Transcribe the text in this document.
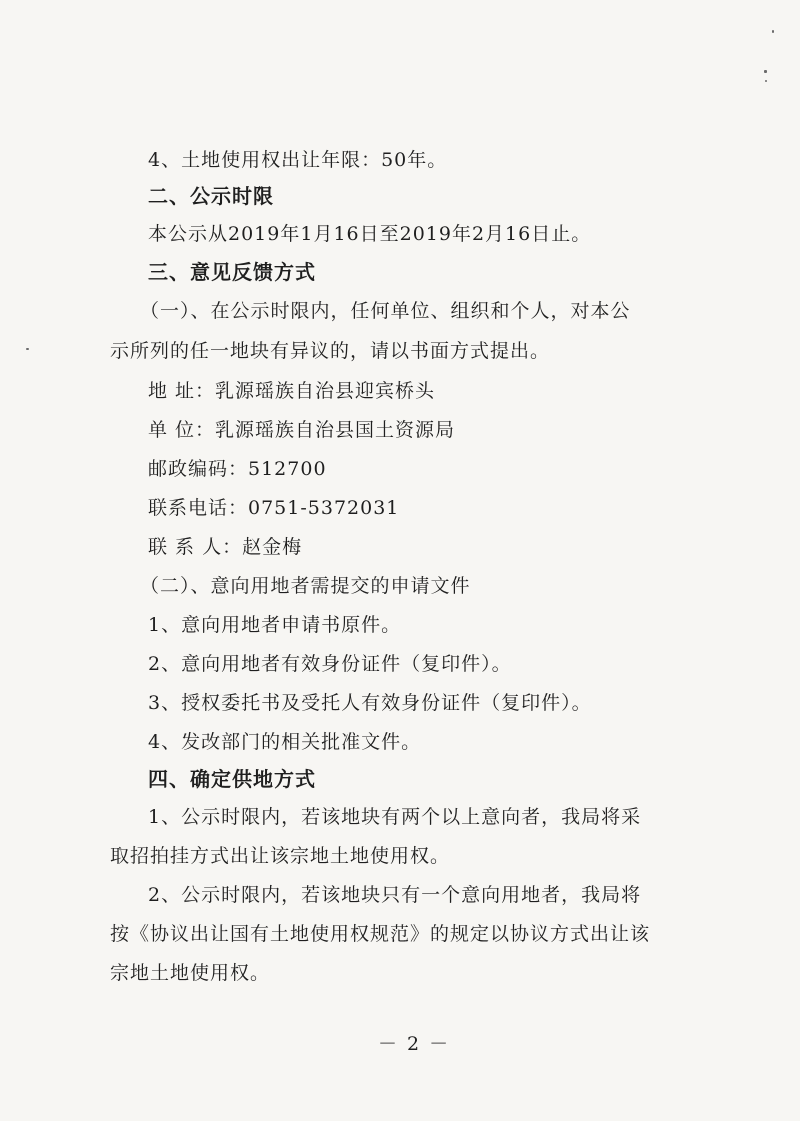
4、土地使用权出让年限：50年。
二、公示时限
本公示从2019年1月16日至2019年2月16日止。
三、意见反馈方式
（一）、在公示时限内，任何单位、组织和个人，对本公
示所列的任一地块有异议的，请以书面方式提出。
地 址：乳源瑶族自治县迎宾桥头
单 位：乳源瑶族自治县国土资源局
邮政编码：512700
联系电话：0751-5372031
联 系 人：赵金梅
（二）、意向用地者需提交的申请文件
1、意向用地者申请书原件。
2、意向用地者有效身份证件（复印件）。
3、授权委托书及受托人有效身份证件（复印件）。
4、发改部门的相关批准文件。
四、确定供地方式
1、公示时限内，若该地块有两个以上意向者，我局将采
取招拍挂方式出让该宗地土地使用权。
2、公示时限内，若该地块只有一个意向用地者，我局将
按《协议出让国有土地使用权规范》的规定以协议方式出让该
宗地土地使用权。
－ 2 －
